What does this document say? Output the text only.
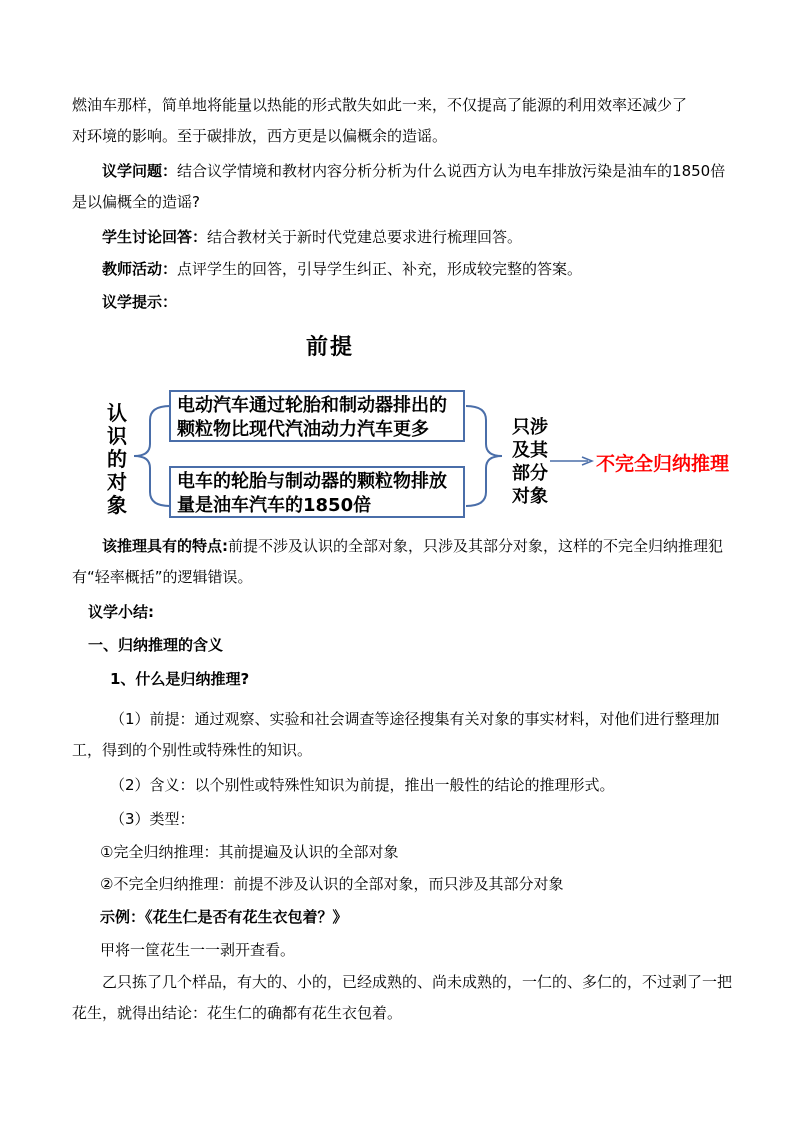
燃油车那样，简单地将能量以热能的形式散失如此一来，不仅提高了能源的利用效率还减少了
对环境的影响。至于碳排放，西方更是以偏概余的造谣。

议学问题：结合议学情境和教材内容分析分析为什么说西方认为电车排放污染是油车的1850倍是以偏概全的造谣?

学生讨论回答：结合教材关于新时代党建总要求进行梳理回答。

教师活动：点评学生的回答，引导学生纠正、补充，形成较完整的答案。

议学提示：

前提
认
识
的
对
象
电动汽车通过轮胎和制动器排出的颗粒物比现代汽油动力汽车更多
电车的轮胎与制动器的颗粒物排放量是油车汽车的1850倍
只涉
及其
部分
对象
不完全归纳推理

该推理具有的特点:前提不涉及认识的全部对象，只涉及其部分对象，这样的不完全归纳推理犯有“轻率概括”的逻辑错误。

议学小结:

一、归纳推理的含义

1、什么是归纳推理?

（1）前提：通过观察、实验和社会调查等途径搜集有关对象的事实材料，对他们进行整理加工，得到的个别性或特殊性的知识。

（2）含义：以个别性或特殊性知识为前提，推出一般性的结论的推理形式。

（3）类型：

①完全归纳推理：其前提遍及认识的全部对象

②不完全归纳推理：前提不涉及认识的全部对象，而只涉及其部分对象

示例：《花生仁是否有花生衣包着？》

甲将一筐花生一一剥开查看。

乙只拣了几个样品，有大的、小的，已经成熟的、尚未成熟的，一仁的、多仁的，不过剥了一把花生，就得出结论：花生仁的确都有花生衣包着。
